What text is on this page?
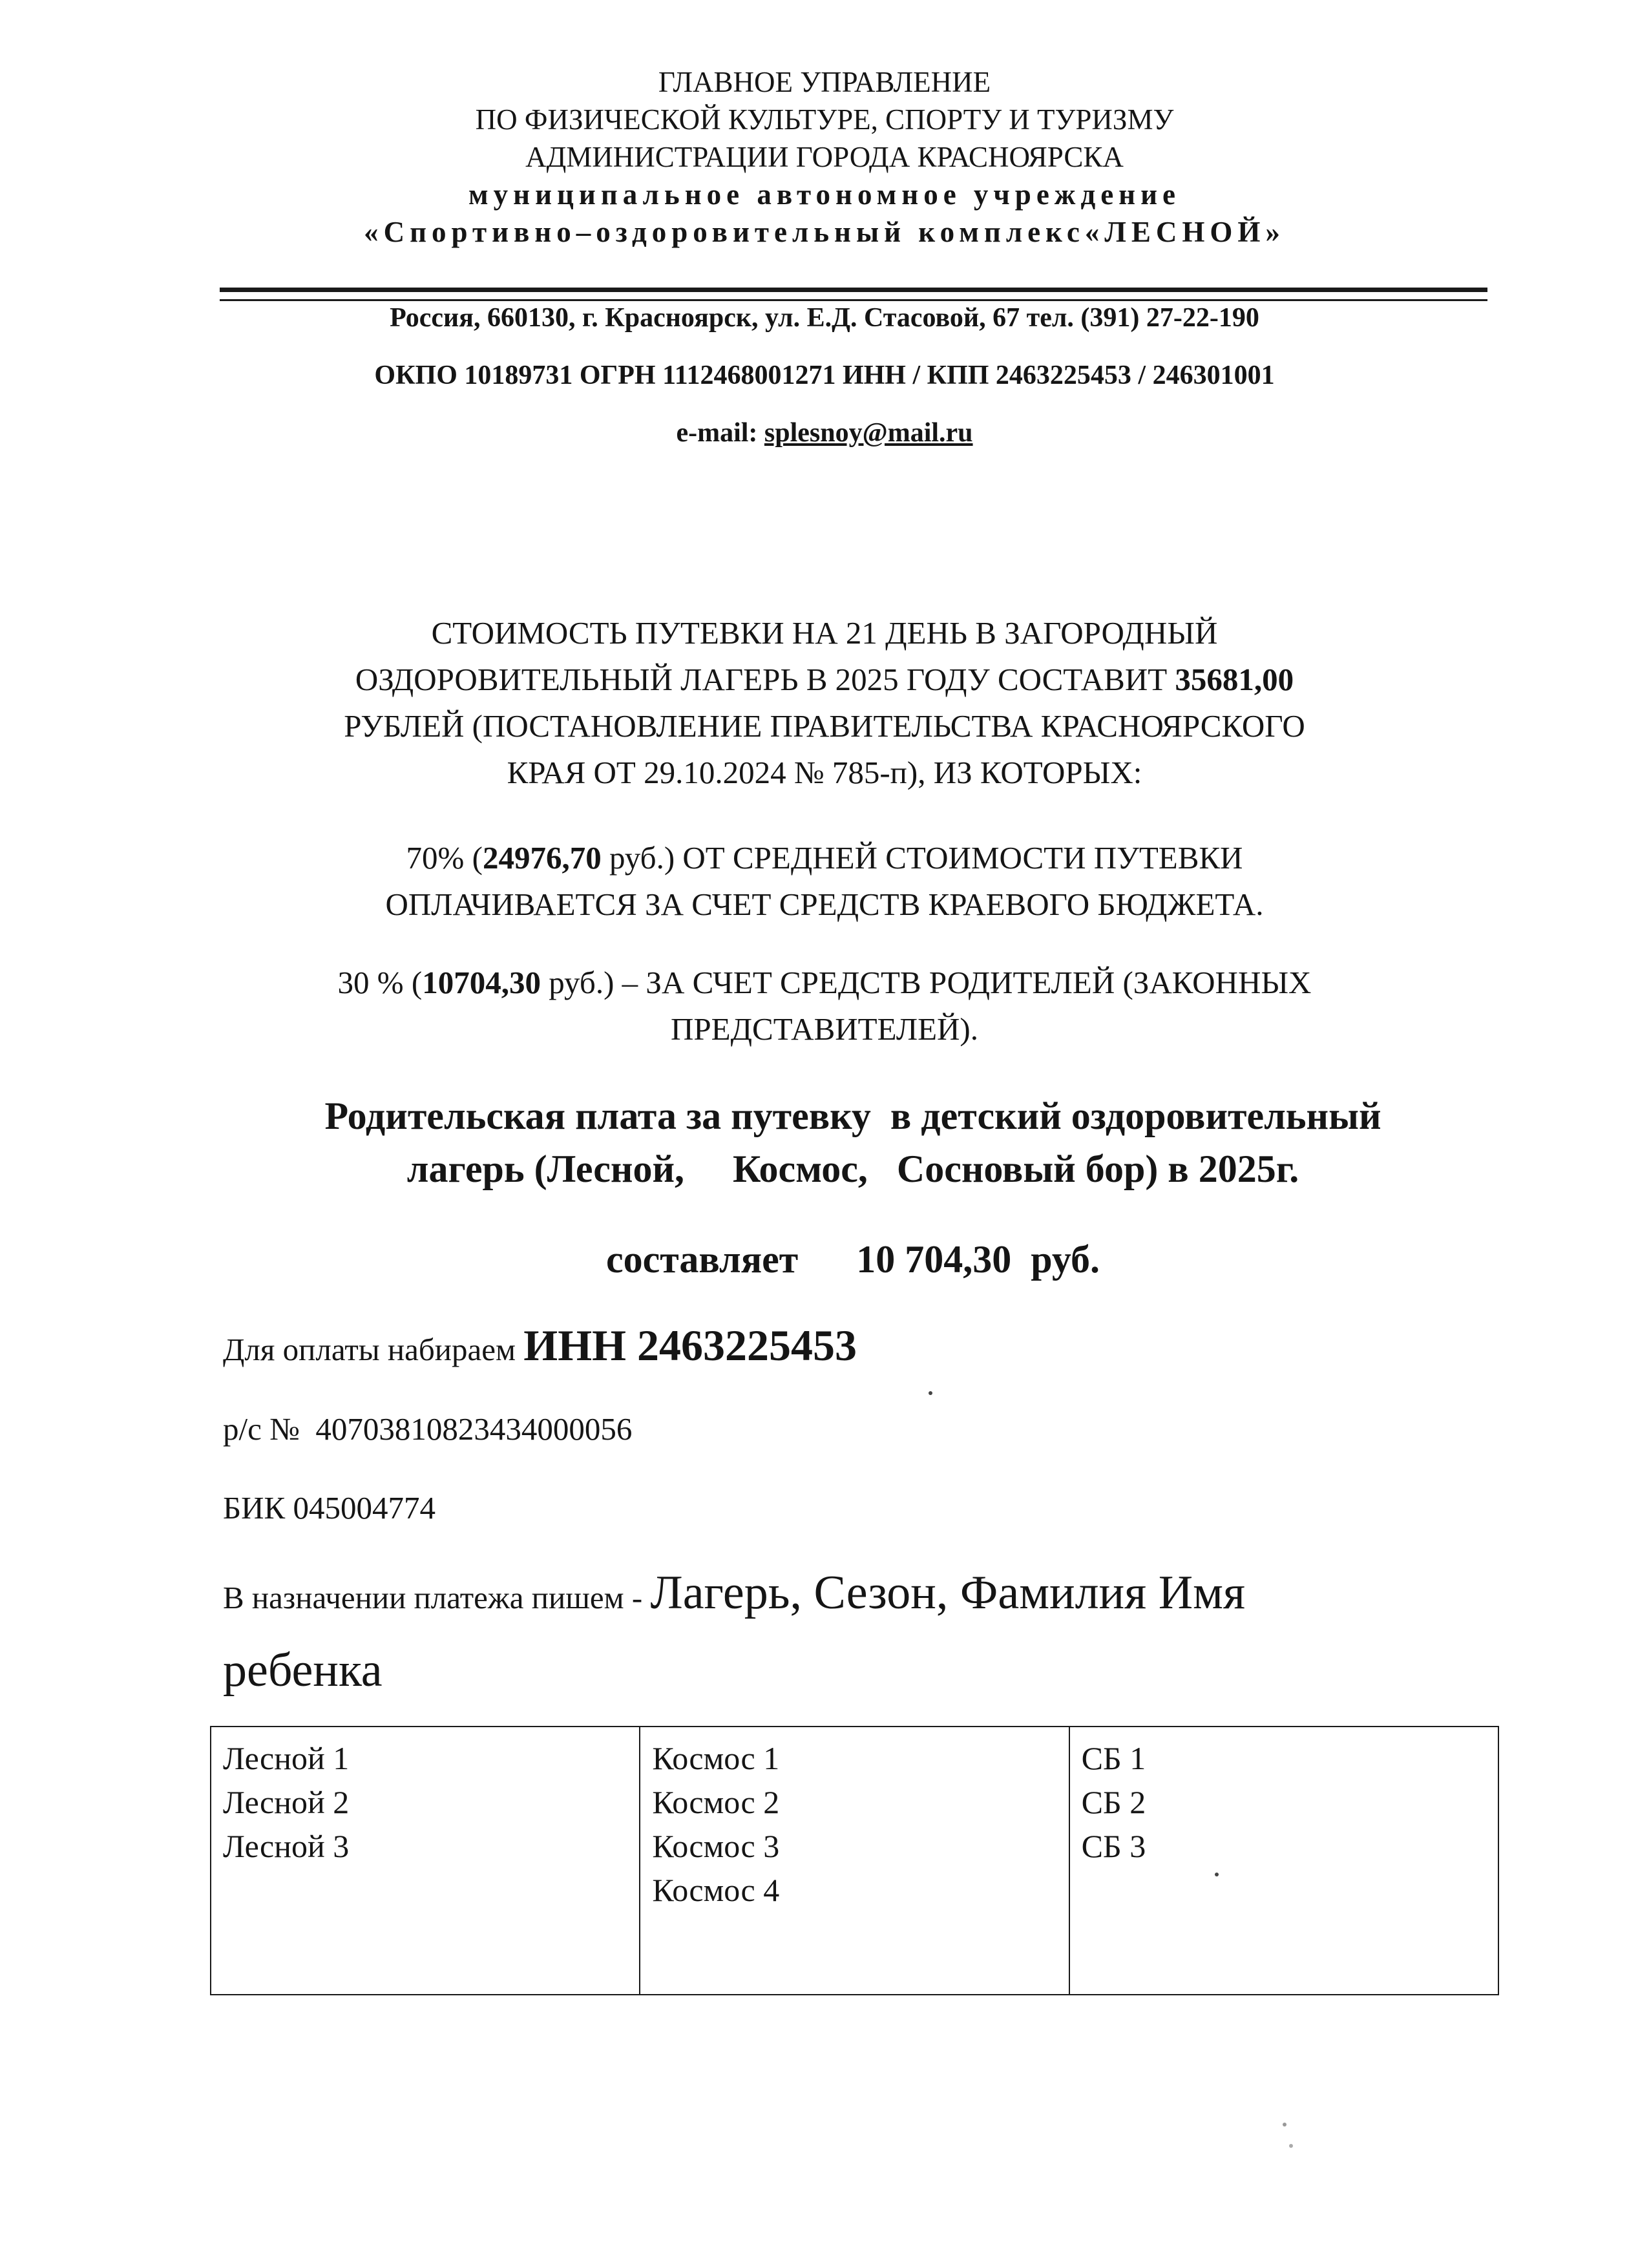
ГЛАВНОЕ УПРАВЛЕНИЕ
ПО ФИЗИЧЕСКОЙ КУЛЬТУРЕ, СПОРТУ И ТУРИЗМУ
АДМИНИСТРАЦИИ ГОРОДА КРАСНОЯРСКА
муниципальное автономное учреждение
«Спортивно–оздоровительный комплекс«ЛЕСНОЙ»
Россия, 660130, г. Красноярск, ул. Е.Д. Стасовой, 67 тел. (391) 27-22-190
ОКПО 10189731 ОГРН 1112468001271 ИНН / КПП 2463225453 / 246301001
e-mail: splesnoy@mail.ru
СТОИМОСТЬ ПУТЕВКИ НА 21 ДЕНЬ В ЗАГОРОДНЫЙ
ОЗДОРОВИТЕЛЬНЫЙ ЛАГЕРЬ В 2025 ГОДУ СОСТАВИТ 35681,00
РУБЛЕЙ (ПОСТАНОВЛЕНИЕ ПРАВИТЕЛЬСТВА КРАСНОЯРСКОГО
КРАЯ ОТ 29.10.2024 № 785-п), ИЗ КОТОРЫХ:
70% (24976,70 руб.) ОТ СРЕДНЕЙ СТОИМОСТИ ПУТЕВКИ
ОПЛАЧИВАЕТСЯ ЗА СЧЕТ СРЕДСТВ КРАЕВОГО БЮДЖЕТА.
30 % (10704,30 руб.) – ЗА СЧЕТ СРЕДСТВ РОДИТЕЛЕЙ (ЗАКОННЫХ
ПРЕДСТАВИТЕЛЕЙ).
Родительская плата за путевку  в детский оздоровительный
лагерь (Лесной,     Космос,   Сосновый бор) в 2025г.
составляет      10 704,30  руб.
Для оплаты набираем ИНН 2463225453
р/с №  40703810823434000056
БИК 045004774
В назначении платежа пишем - Лагерь, Сезон, Фамилия Имя
ребенка
Лесной 1
Лесной 2
Лесной 3

Космос 1
Космос 2
Космос 3
Космос 4

СБ 1
СБ 2
СБ 3
